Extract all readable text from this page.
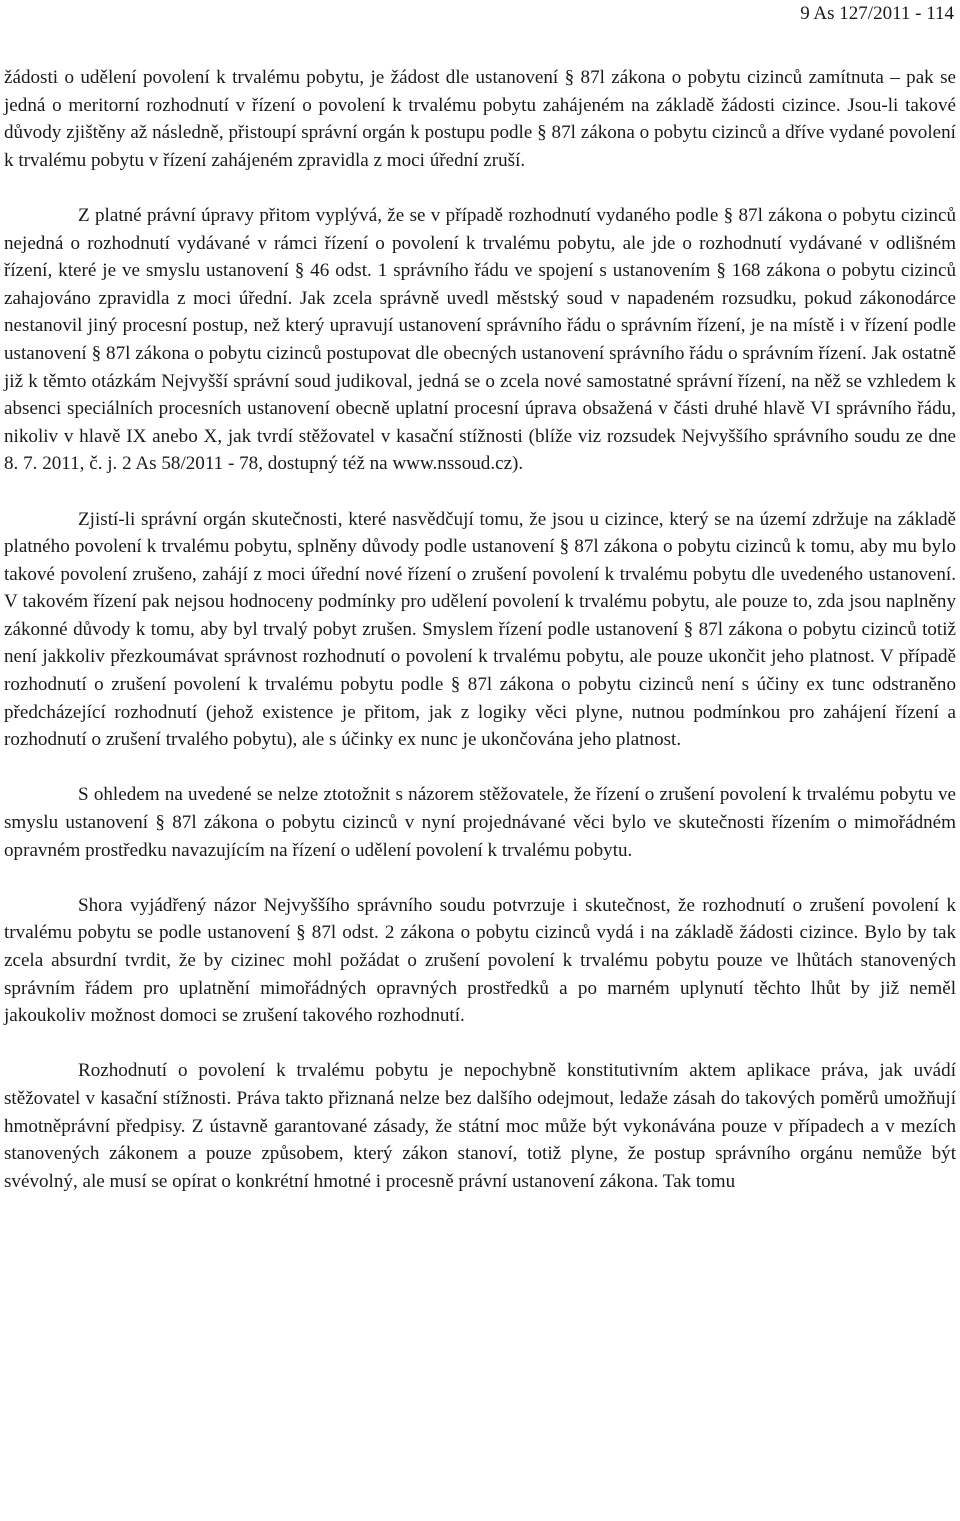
9 As 127/2011 - 114

žádosti o udělení povolení k trvalému pobytu, je žádost dle ustanovení § 87l zákona o pobytu cizinců zamítnuta – pak se jedná o meritorní rozhodnutí v řízení o povolení k trvalému pobytu zahájeném na základě žádosti cizince. Jsou-li takové důvody zjištěny až následně, přistoupí správní orgán k postupu podle § 87l zákona o pobytu cizinců a dříve vydané povolení k trvalému pobytu v řízení zahájeném zpravidla z moci úřední zruší.

Z platné právní úpravy přitom vyplývá, že se v případě rozhodnutí vydaného podle § 87l zákona o pobytu cizinců nejedná o rozhodnutí vydávané v rámci řízení o povolení k trvalému pobytu, ale jde o rozhodnutí vydávané v odlišném řízení, které je ve smyslu ustanovení § 46 odst. 1 správního řádu ve spojení s ustanovením § 168 zákona o pobytu cizinců zahajováno zpravidla z moci úřední. Jak zcela správně uvedl městský soud v napadeném rozsudku, pokud zákonodárce nestanovil jiný procesní postup, než který upravují ustanovení správního řádu o správním řízení, je na místě i v řízení podle ustanovení § 87l zákona o pobytu cizinců postupovat dle obecných ustanovení správního řádu o správním řízení. Jak ostatně již k těmto otázkám Nejvyšší správní soud judikoval, jedná se o zcela nové samostatné správní řízení, na něž se vzhledem k absenci speciálních procesních ustanovení obecně uplatní procesní úprava obsažená v části druhé hlavě VI správního řádu, nikoliv v hlavě IX anebo X, jak tvrdí stěžovatel v kasační stížnosti (blíže viz rozsudek Nejvyššího správního soudu ze dne 8. 7. 2011, č. j. 2 As 58/2011 - 78, dostupný též na www.nssoud.cz).

Zjistí-li správní orgán skutečnosti, které nasvědčují tomu, že jsou u cizince, který se na území zdržuje na základě platného povolení k trvalému pobytu, splněny důvody podle ustanovení § 87l zákona o pobytu cizinců k tomu, aby mu bylo takové povolení zrušeno, zahájí z moci úřední nové řízení o zrušení povolení k trvalému pobytu dle uvedeného ustanovení. V takovém řízení pak nejsou hodnoceny podmínky pro udělení povolení k trvalému pobytu, ale pouze to, zda jsou naplněny zákonné důvody k tomu, aby byl trvalý pobyt zrušen. Smyslem řízení podle ustanovení § 87l zákona o pobytu cizinců totiž není jakkoliv přezkoumávat správnost rozhodnutí o povolení k trvalému pobytu, ale pouze ukončit jeho platnost. V případě rozhodnutí o zrušení povolení k trvalému pobytu podle § 87l zákona o pobytu cizinců není s účiny ex tunc odstraněno předcházející rozhodnutí (jehož existence je přitom, jak z logiky věci plyne, nutnou podmínkou pro zahájení řízení a rozhodnutí o zrušení trvalého pobytu), ale s účinky ex nunc je ukončována jeho platnost.

S ohledem na uvedené se nelze ztotožnit s názorem stěžovatele, že řízení o zrušení povolení k trvalému pobytu ve smyslu ustanovení § 87l zákona o pobytu cizinců v nyní projednávané věci bylo ve skutečnosti řízením o mimořádném opravném prostředku navazujícím na řízení o udělení povolení k trvalému pobytu.

Shora vyjádřený názor Nejvyššího správního soudu potvrzuje i skutečnost, že rozhodnutí o zrušení povolení k trvalému pobytu se podle ustanovení § 87l odst. 2 zákona o pobytu cizinců vydá i na základě žádosti cizince. Bylo by tak zcela absurdní tvrdit, že by cizinec mohl požádat o zrušení povolení k trvalému pobytu pouze ve lhůtách stanovených správním řádem pro uplatnění mimořádných opravných prostředků a po marném uplynutí těchto lhůt by již neměl jakoukoliv možnost domoci se zrušení takového rozhodnutí.

Rozhodnutí o povolení k trvalému pobytu je nepochybně konstitutivním aktem aplikace práva, jak uvádí stěžovatel v kasační stížnosti. Práva takto přiznaná nelze bez dalšího odejmout, ledaže zásah do takových poměrů umožňují hmotněprávní předpisy. Z ústavně garantované zásady, že státní moc může být vykonávána pouze v případech a v mezích stanovených zákonem a pouze způsobem, který zákon stanoví, totiž plyne, že postup správního orgánu nemůže být svévolný, ale musí se opírat o konkrétní hmotné i procesně právní ustanovení zákona. Tak tomu
